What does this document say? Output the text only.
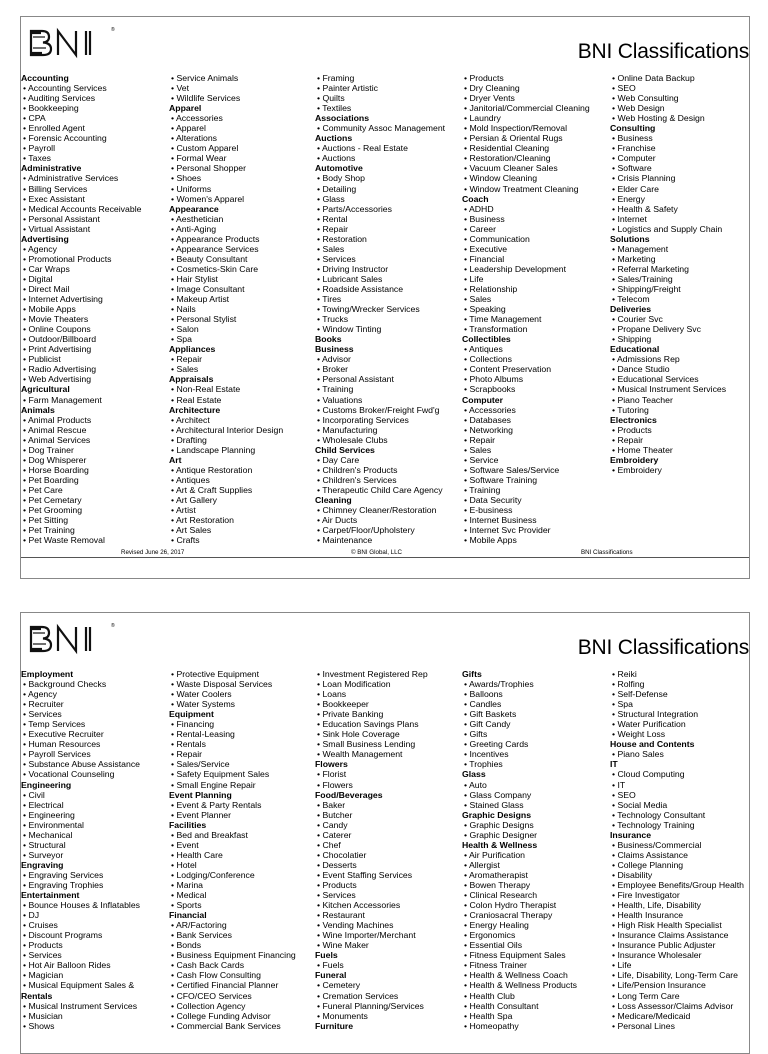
®
BNI Classifications
Accounting
• Accounting Services
• Auditing Services
• Bookkeeping
• CPA
• Enrolled Agent
• Forensic Accounting
• Payroll
• Taxes
Administrative
• Administrative Services
• Billing Services
• Exec Assistant
• Medical Accounts Receivable
• Personal Assistant
• Virtual Assistant
Advertising
• Agency
• Promotional Products
• Car Wraps
• Digital
• Direct Mail
• Internet Advertising
• Mobile Apps
• Movie Theaters
• Online Coupons
• Outdoor/Billboard
• Print Advertising
• Publicist
• Radio Advertising
• Web Advertising
Agricultural
• Farm Management
Animals
• Animal Products
• Animal Rescue
• Animal Services
• Dog Trainer
• Dog Whisperer
• Horse Boarding
• Pet Boarding
• Pet Care
• Pet Cemetary
• Pet Grooming
• Pet Sitting
• Pet Training
• Pet Waste Removal
• Service Animals
• Vet
• Wildlife Services
Apparel
• Accessories
• Apparel
• Alterations
• Custom Apparel
• Formal Wear
• Personal Shopper
• Shoes
• Uniforms
• Women's Apparel
Appearance
• Aesthetician
• Anti-Aging
• Appearance Products
• Appearance Services
• Beauty Consultant
• Cosmetics-Skin Care
• Hair Stylist
• Image Consultant
• Makeup Artist
• Nails
• Personal Stylist
• Salon
• Spa
Appliances
• Repair
• Sales
Appraisals
• Non-Real Estate
• Real Estate
Architecture
• Architect
• Architectural Interior Design
• Drafting
• Landscape Planning
Art
• Antique Restoration
• Antiques
• Art & Craft Supplies
• Art Gallery
• Artist
• Art Restoration
• Art Sales
• Crafts
• Framing
• Painter Artistic
• Quilts
• Textiles
Associations
• Community Assoc Management
Auctions
• Auctions - Real Estate
• Auctions
Automotive
• Body Shop
• Detailing
• Glass
• Parts/Accessories
• Rental
• Repair
• Restoration
• Sales
• Services
• Driving Instructor
• Lubricant Sales
• Roadside Assistance
• Tires
• Towing/Wrecker Services
• Trucks
• Window Tinting
Books
Business
• Advisor
• Broker
• Personal Assistant
• Training
• Valuations
• Customs Broker/Freight Fwd'g
• Incorporating Services
• Manufacturing
• Wholesale Clubs
Child Services
• Day Care
• Children's Products
• Children's Services
• Therapeutic Child Care Agency
Cleaning
• Chimney Cleaner/Restoration
• Air Ducts
• Carpet/Floor/Upholstery
• Maintenance
• Products
• Dry Cleaning
• Dryer Vents
• Janitorial/Commercial Cleaning
• Laundry
• Mold Inspection/Removal
• Persian & Oriental Rugs
• Residential Cleaning
• Restoration/Cleaning
• Vacuum Cleaner Sales
• Window Cleaning
• Window Treatment Cleaning
Coach
• ADHD
• Business
• Career
• Communication
• Executive
• Financial
• Leadership Development
• Life
• Relationship
• Sales
• Speaking
• Time Management
• Transformation
Collectibles
• Antiques
• Collections
• Content Preservation
• Photo Albums
• Scrapbooks
Computer
• Accessories
• Databases
• Networking
• Repair
• Sales
• Service
• Software Sales/Service
• Software Training
• Training
• Data Security
• E-business
• Internet Business
• Internet Svc Provider
• Mobile Apps
• Online Data Backup
• SEO
• Web Consulting
• Web Design
• Web Hosting & Design
Consulting
• Business
• Franchise
• Computer
• Software
• Crisis Planning
• Elder Care
• Energy
• Health & Safety
• Internet
• Logistics and Supply Chain
Solutions
• Management
• Marketing
• Referral Marketing
• Sales/Training
• Shipping/Freight
• Telecom
Deliveries
• Courier Svc
• Propane Delivery Svc
• Shipping
Educational
• Admissions Rep
• Dance Studio
• Educational Services
• Musical Instrument Services
• Piano Teacher
• Tutoring
Electronics
• Products
• Repair
• Home Theater
Embroidery
• Embroidery
Revised June 26, 2017	© BNI Global, LLC	BNI Classifications
®
BNI Classifications
Employment
• Background Checks
• Agency
• Recruiter
• Services
• Temp Services
• Executive Recruiter
• Human Resources
• Payroll Services
• Substance Abuse Assistance
• Vocational Counseling
Engineering
• Civil
• Electrical
• Engineering
• Environmental
• Mechanical
• Structural
• Surveyor
Engraving
• Engraving Services
• Engraving Trophies
Entertainment
• Bounce Houses & Inflatables
• DJ
• Cruises
• Discount Programs
• Products
• Services
• Hot Air Balloon Rides
• Magician
• Musical Equipment Sales &
Rentals
• Musical Instrument Services
• Musician
• Shows
• Protective Equipment
• Waste Disposal Services
• Water Coolers
• Water Systems
Equipment
• Financing
• Rental-Leasing
• Rentals
• Repair
• Sales/Service
• Safety Equipment Sales
• Small Engine Repair
Event Planning
• Event & Party Rentals
• Event Planner
Facilities
• Bed and Breakfast
• Event
• Health Care
• Hotel
• Lodging/Conference
• Marina
• Medical
• Sports
Financial
• AR/Factoring
• Bank Services
• Bonds
• Business Equipment Financing
• Cash Back Cards
• Cash Flow Consulting
• Certified Financial Planner
• CFO/CEO Services
• Collection Agency
• College Funding Advisor
• Commercial Bank Services
• Investment Registered Rep
• Loan Modification
• Loans
• Bookkeeper
• Private Banking
• Education Savings Plans
• Sink Hole Coverage
• Small Business Lending
• Wealth Management
Flowers
• Florist
• Flowers
Food/Beverages
• Baker
• Butcher
• Candy
• Caterer
• Chef
• Chocolatier
• Desserts
• Event Staffing Services
• Products
• Services
• Kitchen Accessories
• Restaurant
• Vending Machines
• Wine Importer/Merchant
• Wine Maker
Fuels
• Fuels
Funeral
• Cemetery
• Cremation Services
• Funeral Planning/Services
• Monuments
Furniture
Gifts
• Awards/Trophies
• Balloons
• Candles
• Gift Baskets
• Gift Candy
• Gifts
• Greeting Cards
• Incentives
• Trophies
Glass
• Auto
• Glass Company
• Stained Glass
Graphic Designs
• Graphic Designs
• Graphic Designer
Health & Wellness
• Air Purification
• Allergist
• Aromatherapist
• Bowen Therapy
• Clinical Research
• Colon Hydro Therapist
• Craniosacral Therapy
• Energy Healing
• Ergonomics
• Essential Oils
• Fitness Equipment Sales
• Fitness Trainer
• Health & Wellness Coach
• Health & Wellness Products
• Health Club
• Health Consultant
• Health Spa
• Homeopathy
• Reiki
• Rolfing
• Self-Defense
• Spa
• Structural Integration
• Water Purification
• Weight Loss
House and Contents
• Piano Sales
IT
• Cloud Computing
• IT
• SEO
• Social Media
• Technology Consultant
• Technology Training
Insurance
• Business/Commercial
• Claims Assistance
• College Planning
• Disability
• Employee Benefits/Group Health
• Fire Investigator
• Health, Life, Disability
• Health Insurance
• High Risk Health Specialist
• Insurance Claims Assistance
• Insurance Public Adjuster
• Insurance Wholesaler
• Life
• Life, Disability, Long-Term Care
• Life/Pension Insurance
• Long Term Care
• Loss Assessor/Claims Advisor
• Medicare/Medicaid
• Personal Lines
